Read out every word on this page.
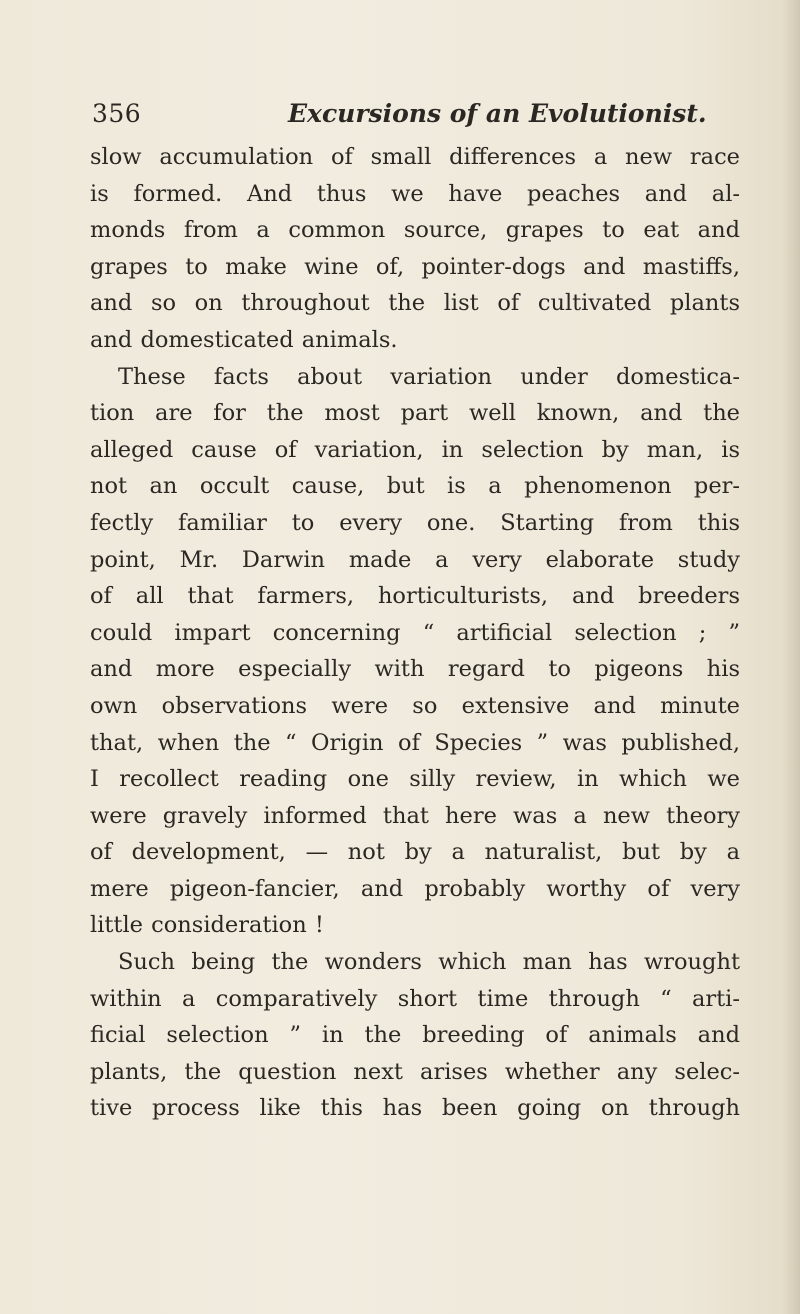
356	Excursions of an Evolutionist.
slow accumulation of small differences a new race
is formed. And thus we have peaches and al-
monds from a common source, grapes to eat and
grapes to make wine of, pointer-dogs and mastiffs,
and so on throughout the list of cultivated plants
and domesticated animals.
These facts about variation under domestica-
tion are for the most part well known, and the
alleged cause of variation, in selection by man, is
not an occult cause, but is a phenomenon per-
fectly familiar to every one. Starting from this
point, Mr. Darwin made a very elaborate study
of all that farmers, horticulturists, and breeders
could impart concerning “ artificial selection ; ”
and more especially with regard to pigeons his
own observations were so extensive and minute
that, when the “ Origin of Species ” was published,
I recollect reading one silly review, in which we
were gravely informed that here was a new theory
of development, — not by a naturalist, but by a
mere pigeon-fancier, and probably worthy of very
little consideration !
Such being the wonders which man has wrought
within a comparatively short time through “ arti-
ficial selection ” in the breeding of animals and
plants, the question next arises whether any selec-
tive process like this has been going on through
